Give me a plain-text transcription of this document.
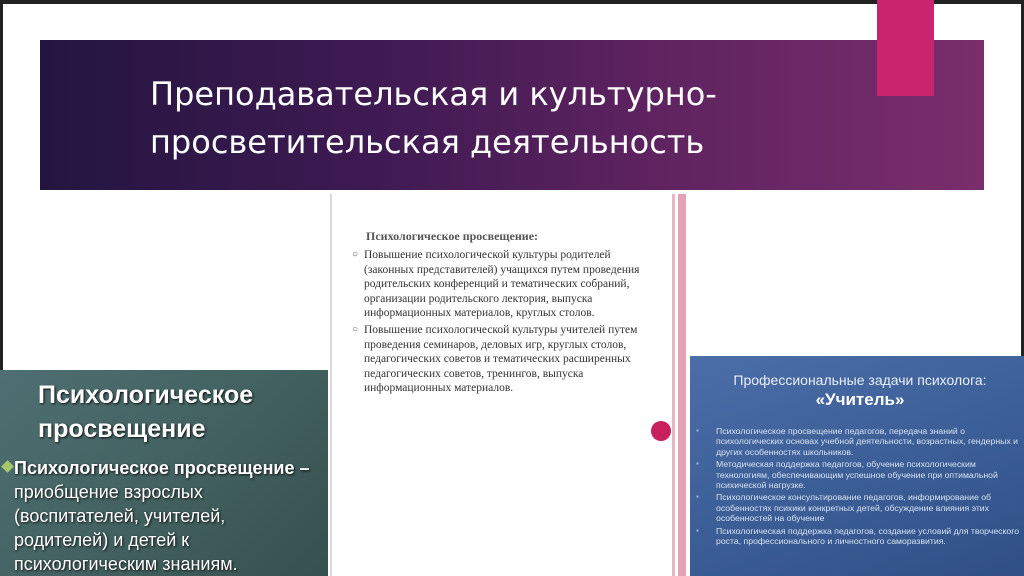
Преподавательская и культурно-просветительская деятельность
Психологическое просвещение:
○ Повышение психологической культуры родителей (законных представителей) учащихся путем проведения родительских конференций и тематических собраний, организации родительского лектория, выпуска информационных материалов, круглых столов.
○ Повышение психологической культуры учителей путем проведения семинаров, деловых игр, круглых столов, педагогических советов и тематических расширенных педагогических советов, тренингов, выпуска информационных материалов.
Психологическое просвещение
Психологическое просвещение – приобщение взрослых (воспитателей, учителей, родителей) и детей к психологическим знаниям.
Профессиональные задачи психолога:
«Учитель»
▪ Психологическое просвещение педагогов, передача знаний о психологических основах учебной деятельности, возрастных, гендерных и других особенностях школьников.
▪ Методическая поддержка педагогов, обучение психологическим технологиям, обеспечивающим успешное обучение при оптимальной психической нагрузке.
▪ Психологическое консультирование педагогов, информирование об особенностях психики конкретных детей, обсуждение влияния этих особенностей на обучение
▪ Психологическая поддержка педагогов, создание условий для творческого роста, профессионального и личностного саморазвития.
